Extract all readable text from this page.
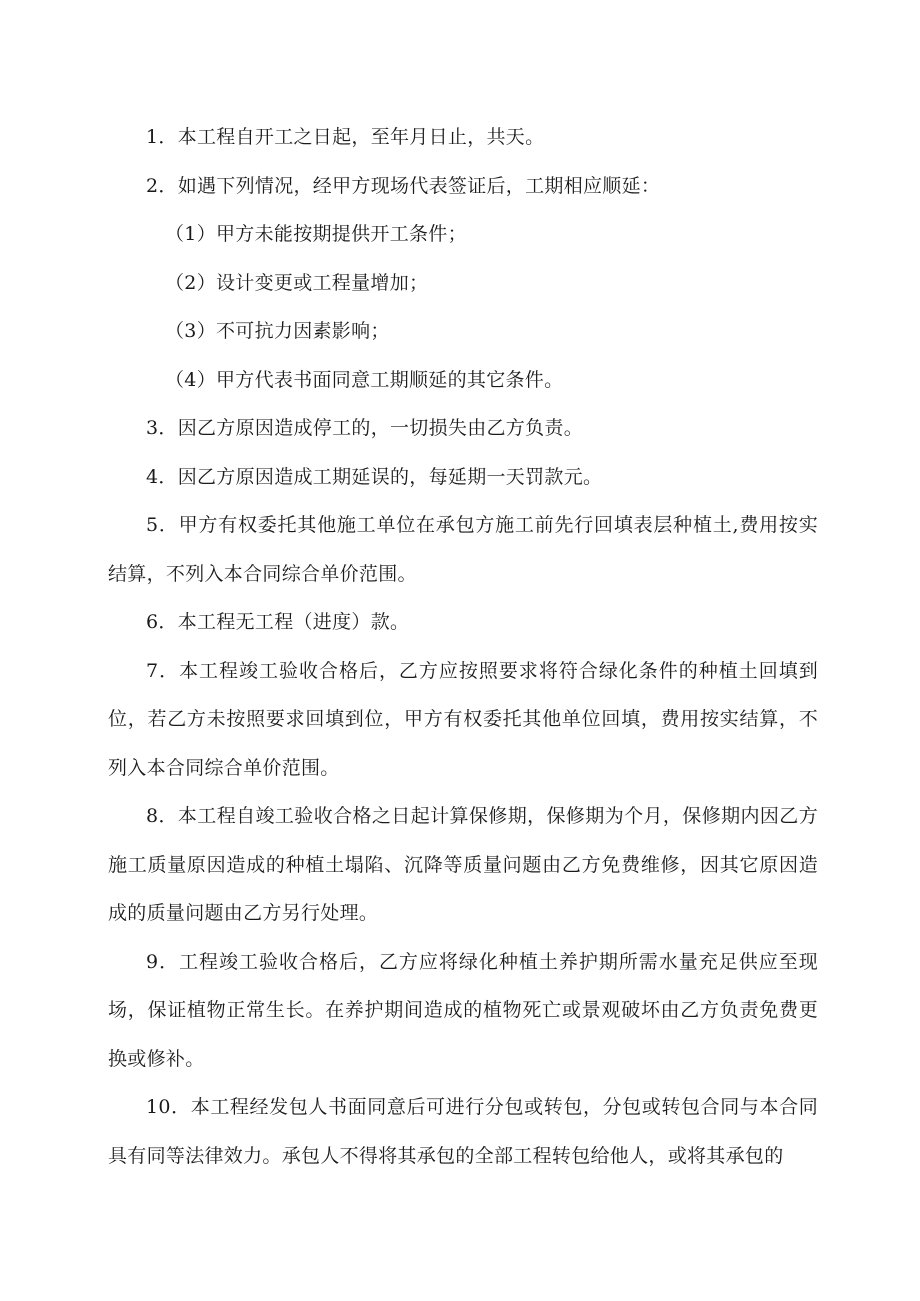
1．本工程自开工之日起，至年月日止，共天。

2．如遇下列情况，经甲方现场代表签证后，工期相应顺延：

（1）甲方未能按期提供开工条件；

（2）设计变更或工程量增加；

（3）不可抗力因素影响；

（4）甲方代表书面同意工期顺延的其它条件。

3．因乙方原因造成停工的，一切损失由乙方负责。

4．因乙方原因造成工期延误的，每延期一天罚款元。

5．甲方有权委托其他施工单位在承包方施工前先行回填表层种植土,费用按实结算，不列入本合同综合单价范围。

6．本工程无工程（进度）款。

7．本工程竣工验收合格后，乙方应按照要求将符合绿化条件的种植土回填到位，若乙方未按照要求回填到位，甲方有权委托其他单位回填，费用按实结算，不列入本合同综合单价范围。

8．本工程自竣工验收合格之日起计算保修期，保修期为个月，保修期内因乙方施工质量原因造成的种植土塌陷、沉降等质量问题由乙方免费维修，因其它原因造成的质量问题由乙方另行处理。

9．工程竣工验收合格后，乙方应将绿化种植土养护期所需水量充足供应至现场，保证植物正常生长。在养护期间造成的植物死亡或景观破坏由乙方负责免费更换或修补。

10．本工程经发包人书面同意后可进行分包或转包，分包或转包合同与本合同具有同等法律效力。承包人不得将其承包的全部工程转包给他人，或将其承包的
